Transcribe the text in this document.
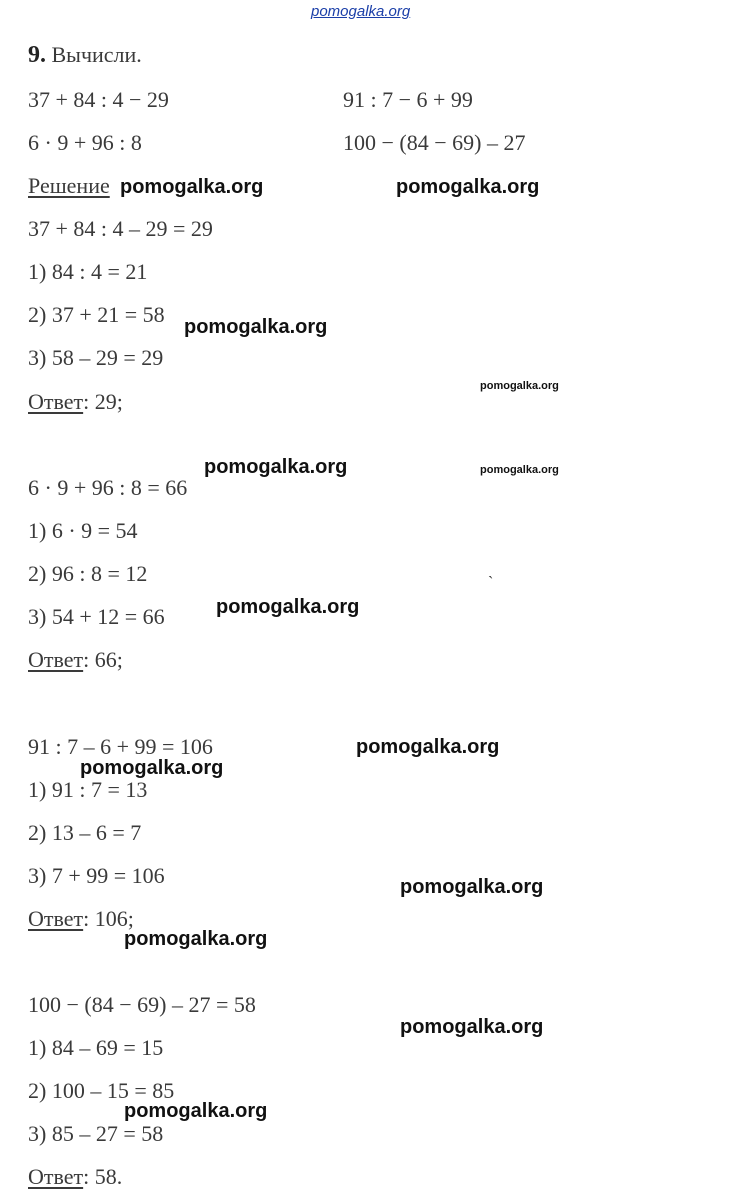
pomogalka.org
9. Вычисли.
37 + 84 : 4 − 29	91 : 7 − 6 + 99
6 · 9 + 96 : 8	100 − (84 − 69) – 27
Решение
37 + 84 : 4 – 29 = 29
1) 84 : 4 = 21
2) 37 + 21 = 58
3) 58 – 29 = 29
Ответ: 29;
6 · 9 + 96 : 8 = 66
1) 6 · 9 = 54
2) 96 : 8 = 12
3) 54 + 12 = 66
Ответ: 66;
91 : 7 – 6 + 99 = 106
1) 91 : 7 = 13
2) 13 – 6 = 7
3) 7 + 99 = 106
Ответ: 106;
100 − (84 − 69) – 27 = 58
1) 84 – 69 = 15
2) 100 – 15 = 85
3) 85 – 27 = 58
Ответ: 58.
ˋ
pomogalka.org	pomogalka.org
pomogalka.org
pomogalka.org
pomogalka.org	pomogalka.org
pomogalka.org
pomogalka.org
pomogalka.org
pomogalka.org
pomogalka.org
pomogalka.org
pomogalka.org
